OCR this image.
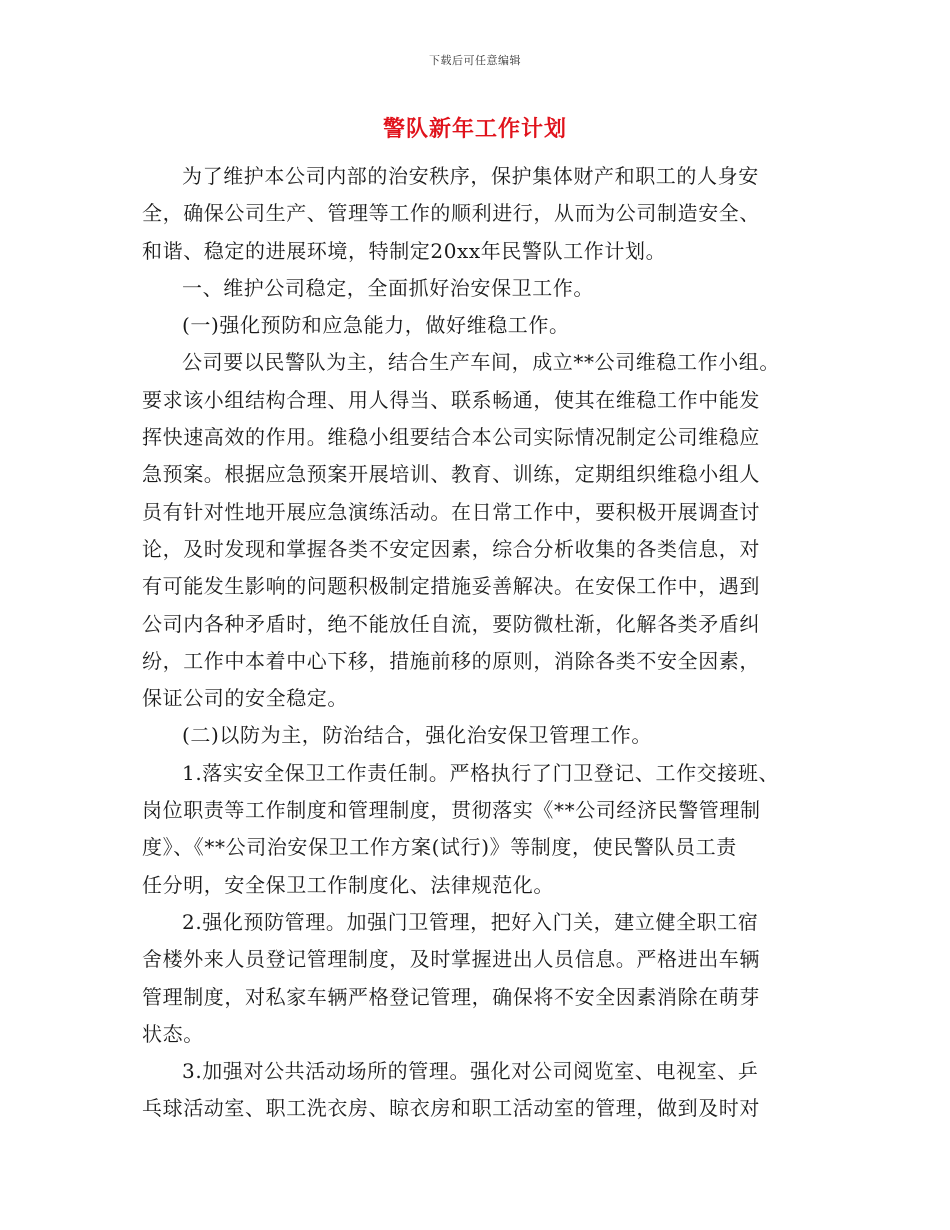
下载后可任意编辑
警队新年工作计划
为了维护本公司内部的治安秩序，保护集体财产和职工的人身安
全，确保公司生产、管理等工作的顺利进行，从而为公司制造安全、
和谐、稳定的进展环境，特制定20xx年民警队工作计划。
一、维护公司稳定，全面抓好治安保卫工作。
(一)强化预防和应急能力，做好维稳工作。
公司要以民警队为主，结合生产车间，成立**公司维稳工作小组。
要求该小组结构合理、用人得当、联系畅通，使其在维稳工作中能发
挥快速高效的作用。维稳小组要结合本公司实际情况制定公司维稳应
急预案。根据应急预案开展培训、教育、训练，定期组织维稳小组人
员有针对性地开展应急演练活动。在日常工作中，要积极开展调查讨
论，及时发现和掌握各类不安定因素，综合分析收集的各类信息，对
有可能发生影响的问题积极制定措施妥善解决。在安保工作中，遇到
公司内各种矛盾时，绝不能放任自流，要防微杜渐，化解各类矛盾纠
纷，工作中本着中心下移，措施前移的原则，消除各类不安全因素，
保证公司的安全稳定。
(二)以防为主，防治结合，强化治安保卫管理工作。
1.落实安全保卫工作责任制。严格执行了门卫登记、工作交接班、
岗位职责等工作制度和管理制度，贯彻落实《**公司经济民警管理制
度》、《**公司治安保卫工作方案(试行)》等制度，使民警队员工责
任分明，安全保卫工作制度化、法律规范化。
2.强化预防管理。加强门卫管理，把好入门关，建立健全职工宿
舍楼外来人员登记管理制度，及时掌握进出人员信息。严格进出车辆
管理制度，对私家车辆严格登记管理，确保将不安全因素消除在萌芽
状态。
3.加强对公共活动场所的管理。强化对公司阅览室、电视室、乒
乓球活动室、职工洗衣房、晾衣房和职工活动室的管理，做到及时对
